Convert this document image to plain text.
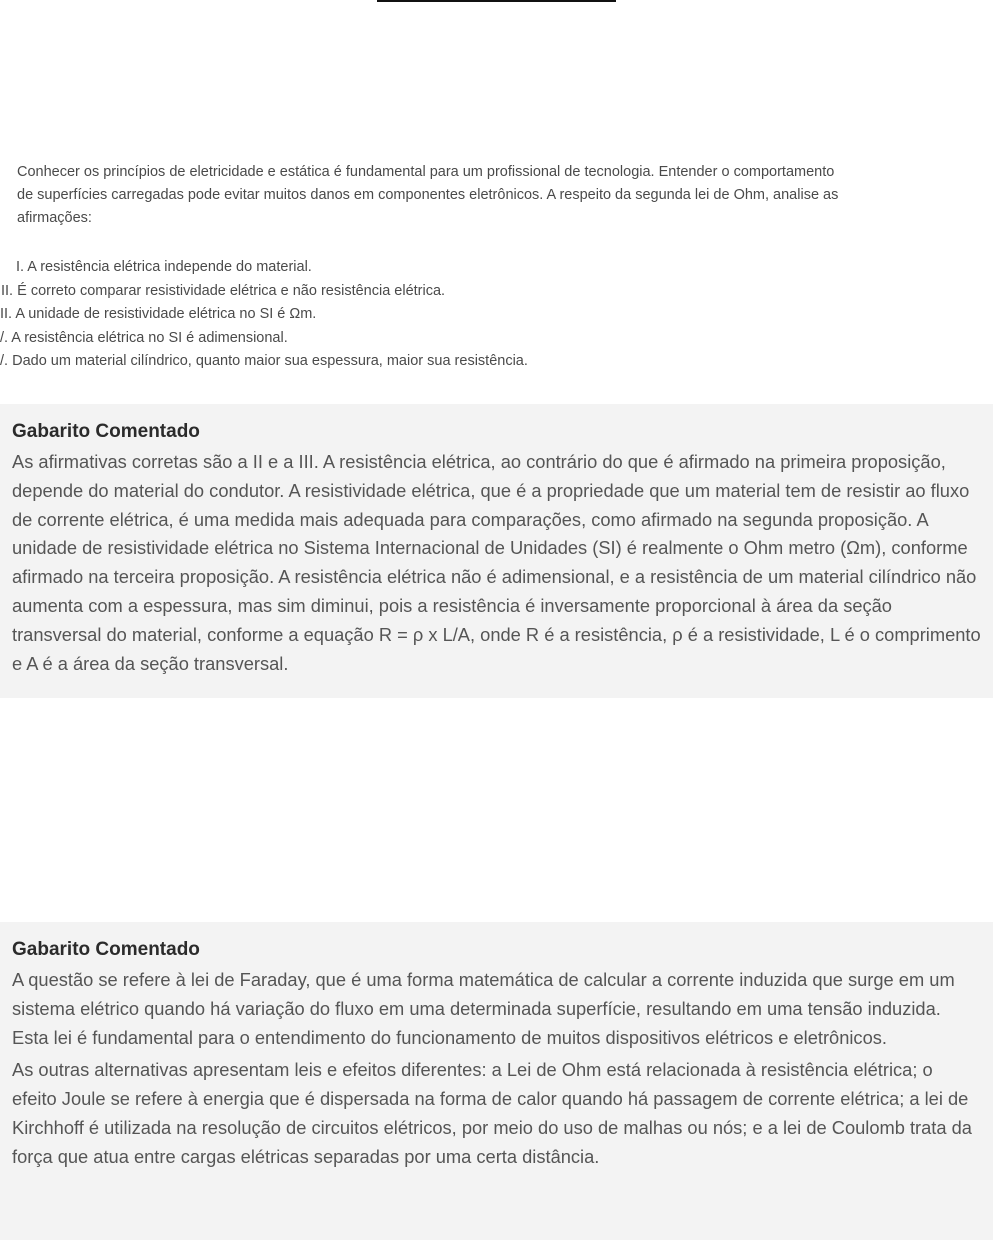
Conhecer os princípios de eletricidade e estática é fundamental para um profissional de tecnologia. Entender o comportamento de superfícies carregadas pode evitar muitos danos em componentes eletrônicos. A respeito da segunda lei de Ohm, analise as afirmações:

I. A resistência elétrica independe do material.
II. É correto comparar resistividade elétrica e não resistência elétrica.
II. A unidade de resistividade elétrica no SI é Ωm.
/. A resistência elétrica no SI é adimensional.
/. Dado um material cilíndrico, quanto maior sua espessura, maior sua resistência.
Gabarito Comentado

As afirmativas corretas são a II e a III. A resistência elétrica, ao contrário do que é afirmado na primeira proposição, depende do material do condutor. A resistividade elétrica, que é a propriedade que um material tem de resistir ao fluxo de corrente elétrica, é uma medida mais adequada para comparações, como afirmado na segunda proposição. A unidade de resistividade elétrica no Sistema Internacional de Unidades (SI) é realmente o Ohm metro (Ωm), conforme afirmado na terceira proposição. A resistência elétrica não é adimensional, e a resistência de um material cilíndrico não aumenta com a espessura, mas sim diminui, pois a resistência é inversamente proporcional à área da seção transversal do material, conforme a equação R = ρ x L/A, onde R é a resistência, ρ é a resistividade, L é o comprimento e A é a área da seção transversal.

Gabarito Comentado

A questão se refere à lei de Faraday, que é uma forma matemática de calcular a corrente induzida que surge em um sistema elétrico quando há variação do fluxo em uma determinada superfície, resultando em uma tensão induzida. Esta lei é fundamental para o entendimento do funcionamento de muitos dispositivos elétricos e eletrônicos.

As outras alternativas apresentam leis e efeitos diferentes: a Lei de Ohm está relacionada à resistência elétrica; o efeito Joule se refere à energia que é dispersada na forma de calor quando há passagem de corrente elétrica; a lei de Kirchhoff é utilizada na resolução de circuitos elétricos, por meio do uso de malhas ou nós; e a lei de Coulomb trata da força que atua entre cargas elétricas separadas por uma certa distância.
